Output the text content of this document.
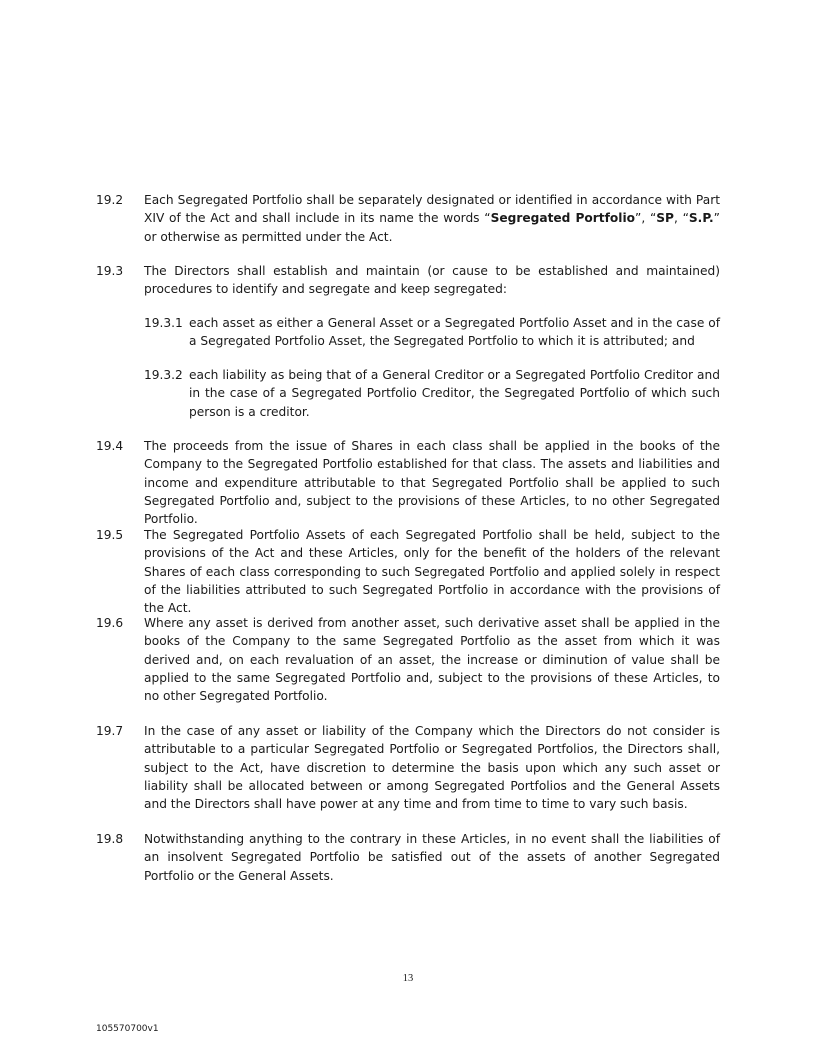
19.2 Each Segregated Portfolio shall be separately designated or identified in accordance with Part XIV of the Act and shall include in its name the words “Segregated Portfolio”, “SP, “S.P.” or otherwise as permitted under the Act.
19.3 The Directors shall establish and maintain (or cause to be established and maintained) procedures to identify and segregate and keep segregated:
19.3.1 each asset as either a General Asset or a Segregated Portfolio Asset and in the case of a Segregated Portfolio Asset, the Segregated Portfolio to which it is attributed; and
19.3.2 each liability as being that of a General Creditor or a Segregated Portfolio Creditor and in the case of a Segregated Portfolio Creditor, the Segregated Portfolio of which such person is a creditor.
19.4 The proceeds from the issue of Shares in each class shall be applied in the books of the Company to the Segregated Portfolio established for that class. The assets and liabilities and income and expenditure attributable to that Segregated Portfolio shall be applied to such Segregated Portfolio and, subject to the provisions of these Articles, to no other Segregated Portfolio.
19.5 The Segregated Portfolio Assets of each Segregated Portfolio shall be held, subject to the provisions of the Act and these Articles, only for the benefit of the holders of the relevant Shares of each class corresponding to such Segregated Portfolio and applied solely in respect of the liabilities attributed to such Segregated Portfolio in accordance with the provisions of the Act.
19.6 Where any asset is derived from another asset, such derivative asset shall be applied in the books of the Company to the same Segregated Portfolio as the asset from which it was derived and, on each revaluation of an asset, the increase or diminution of value shall be applied to the same Segregated Portfolio and, subject to the provisions of these Articles, to no other Segregated Portfolio.
19.7 In the case of any asset or liability of the Company which the Directors do not consider is attributable to a particular Segregated Portfolio or Segregated Portfolios, the Directors shall, subject to the Act, have discretion to determine the basis upon which any such asset or liability shall be allocated between or among Segregated Portfolios and the General Assets and the Directors shall have power at any time and from time to time to vary such basis.
19.8 Notwithstanding anything to the contrary in these Articles, in no event shall the liabilities of an insolvent Segregated Portfolio be satisfied out of the assets of another Segregated Portfolio or the General Assets.
13
105570700v1
